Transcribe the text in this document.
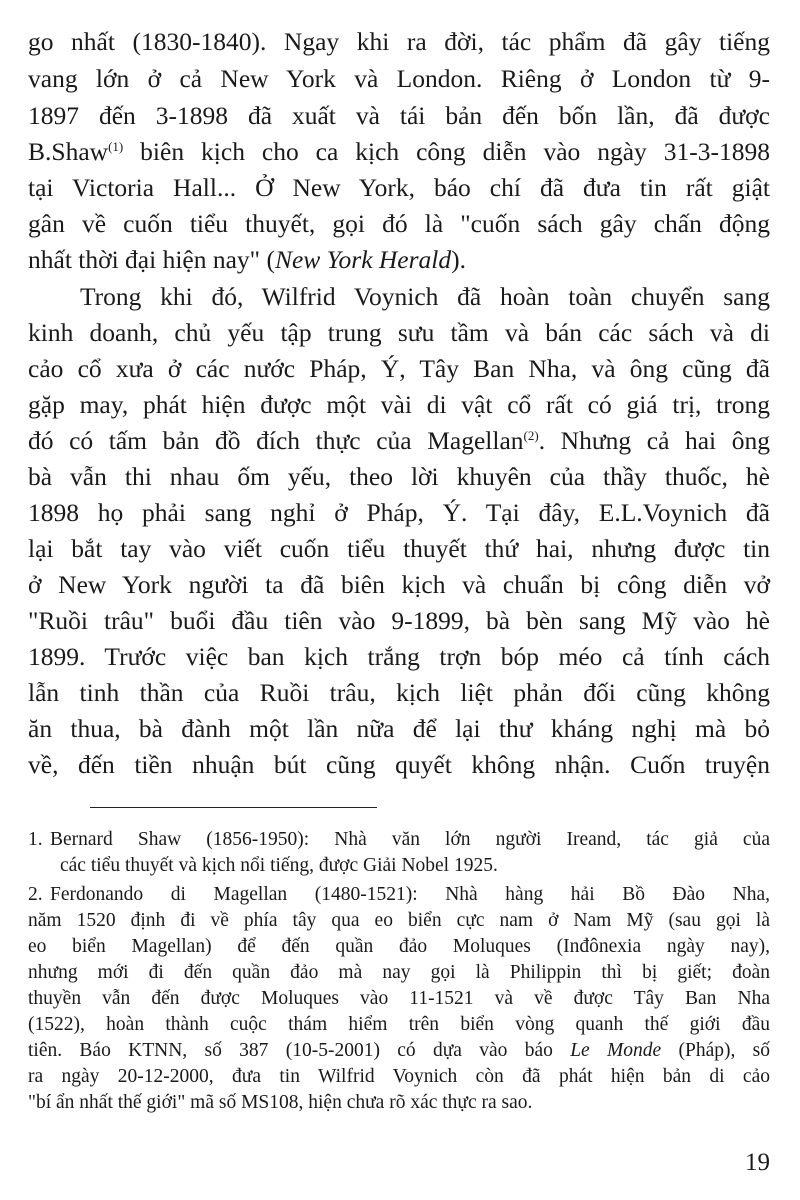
go nhất (1830-1840). Ngay khi ra đời, tác phẩm đã gây tiếng
vang lớn ở cả New York và London. Riêng ở London từ 9-
1897 đến 3-1898 đã xuất và tái bản đến bốn lần, đã được
B.Shaw$^{(1)}$ biên kịch cho ca kịch công diễn vào ngày 31-3-1898
tại Victoria Hall... Ở New York, báo chí đã đưa tin rất giật
gân về cuốn tiểu thuyết, gọi đó là "cuốn sách gây chấn động
nhất thời đại hiện nay" (New York Herald).
Trong khi đó, Wilfrid Voynich đã hoàn toàn chuyển sang
kinh doanh, chủ yếu tập trung sưu tầm và bán các sách và di
cảo cổ xưa ở các nước Pháp, Ý, Tây Ban Nha, và ông cũng đã
gặp may, phát hiện được một vài di vật cổ rất có giá trị, trong
đó có tấm bản đồ đích thực của Magellan$^{(2)}$. Nhưng cả hai ông
bà vẫn thi nhau ốm yếu, theo lời khuyên của thầy thuốc, hè
1898 họ phải sang nghỉ ở Pháp, Ý. Tại đây, E.L.Voynich đã
lại bắt tay vào viết cuốn tiểu thuyết thứ hai, nhưng được tin
ở New York người ta đã biên kịch và chuẩn bị công diễn vở
"Ruồi trâu" buổi đầu tiên vào 9-1899, bà bèn sang Mỹ vào hè
1899. Trước việc ban kịch trắng trợn bóp méo cả tính cách
lẫn tinh thần của Ruồi trâu, kịch liệt phản đối cũng không
ăn thua, bà đành một lần nữa để lại thư kháng nghị mà bỏ
về, đến tiền nhuận bút cũng quyết không nhận. Cuốn truyện
1. Bernard Shaw (1856-1950): Nhà văn lớn người Ireand, tác giả của
các tiểu thuyết và kịch nổi tiếng, được Giải Nobel 1925.
2. Ferdonando di Magellan (1480-1521): Nhà hàng hải Bồ Đào Nha,
năm 1520 định đi về phía tây qua eo biển cực nam ở Nam Mỹ (sau gọi là
eo biển Magellan) để đến quần đảo Moluques (Inđônexia ngày nay),
nhưng mới đi đến quần đảo mà nay gọi là Philippin thì bị giết; đoàn
thuyền vẫn đến được Moluques vào 11-1521 và về được Tây Ban Nha
(1522), hoàn thành cuộc thám hiểm trên biển vòng quanh thế giới đầu
tiên. Báo KTNN, số 387 (10-5-2001) có dựa vào báo Le Monde (Pháp), số
ra ngày 20-12-2000, đưa tin Wilfrid Voynich còn đã phát hiện bản di cảo
"bí ẩn nhất thế giới" mã số MS108, hiện chưa rõ xác thực ra sao.
19
